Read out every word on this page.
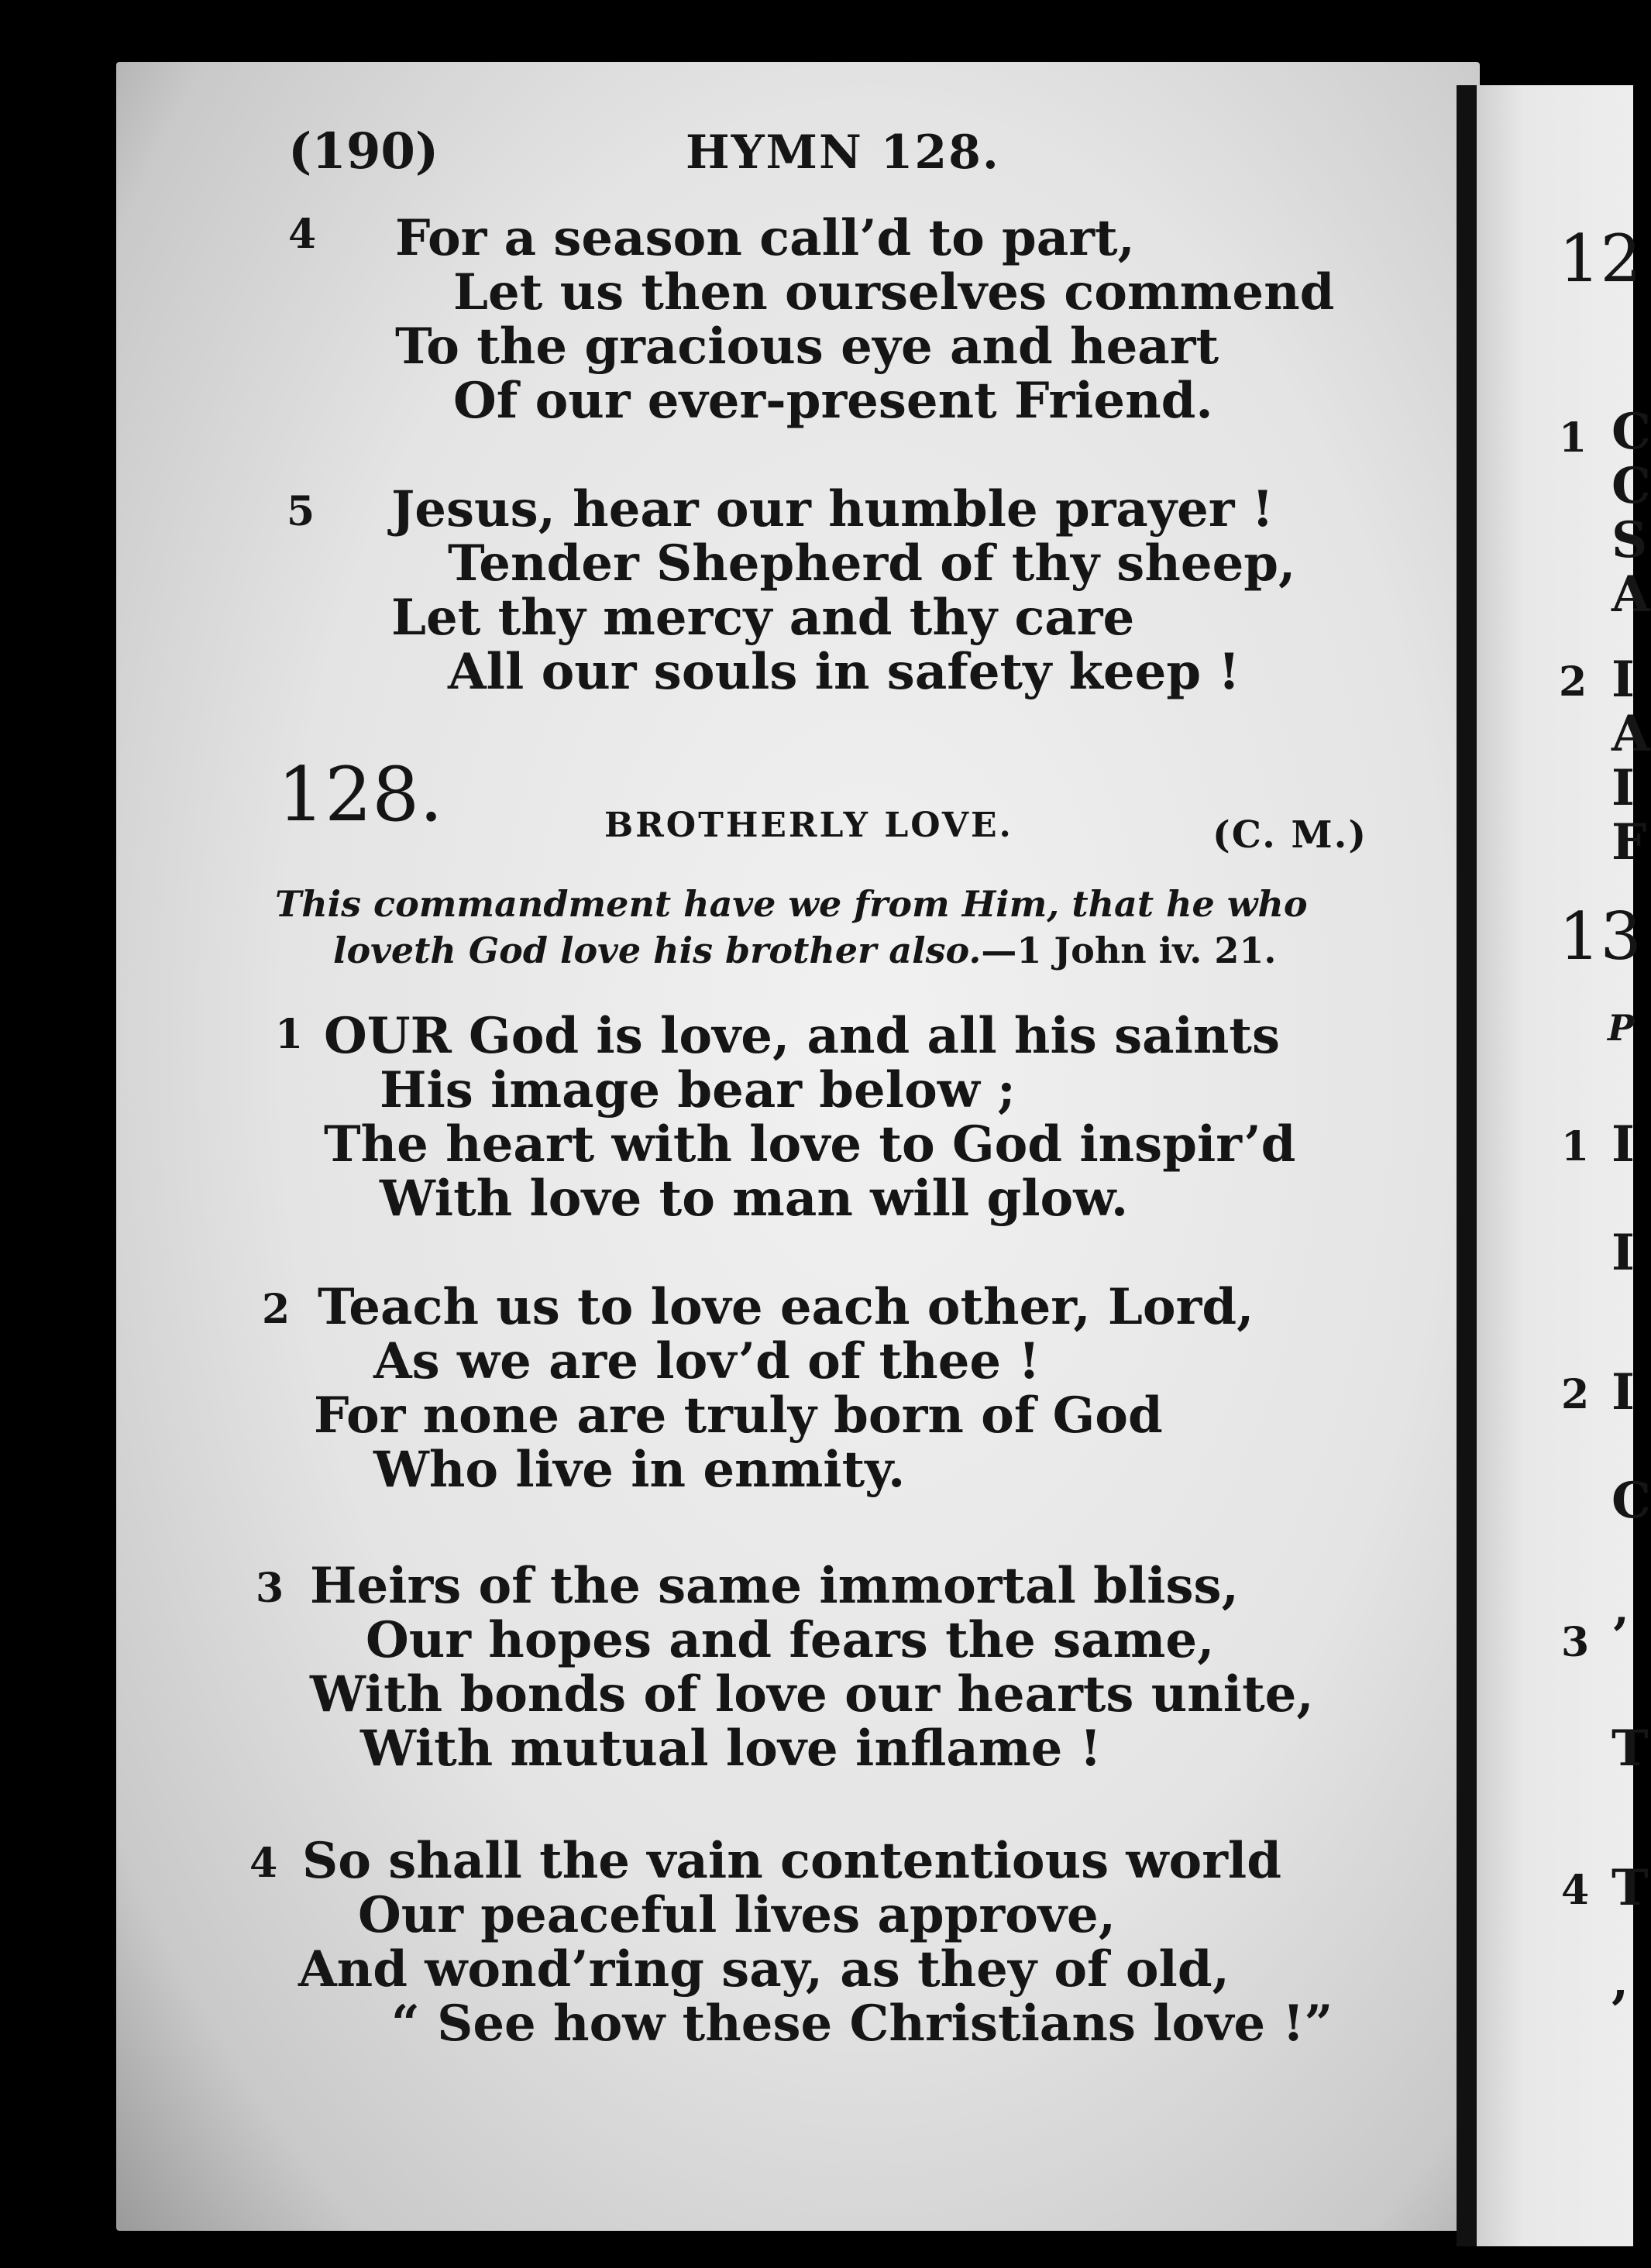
(190)	HYMN 128.
4 For a season call’d to part,
Let us then ourselves commend
To the gracious eye and heart
Of our ever-present Friend.
5 Jesus, hear our humble prayer !
Tender Shepherd of thy sheep,
Let thy mercy and thy care
All our souls in safety keep !
128.	BROTHERLY LOVE.	(C. M.)
This commandment have we from Him, that he who
loveth God love his brother also.—1 John iv. 21.
1 OUR God is love, and all his saints
His image bear below ;
The heart with love to God inspir’d
With love to man will glow.
2 Teach us to love each other, Lord,
As we are lov’d of thee !
For none are truly born of God
Who live in enmity.
3 Heirs of the same immortal bliss,
Our hopes and fears the same,
With bonds of love our hearts unite,
With mutual love inflame !
4 So shall the vain contentious world
Our peaceful lives approve,
And wond’ring say, as they of old,
“ See how these Christians love !”
12
1 C
C
S
A
2 I
A
I
F
13
P
1 I
I
2 I
C
3 ’
T
4 T
,
